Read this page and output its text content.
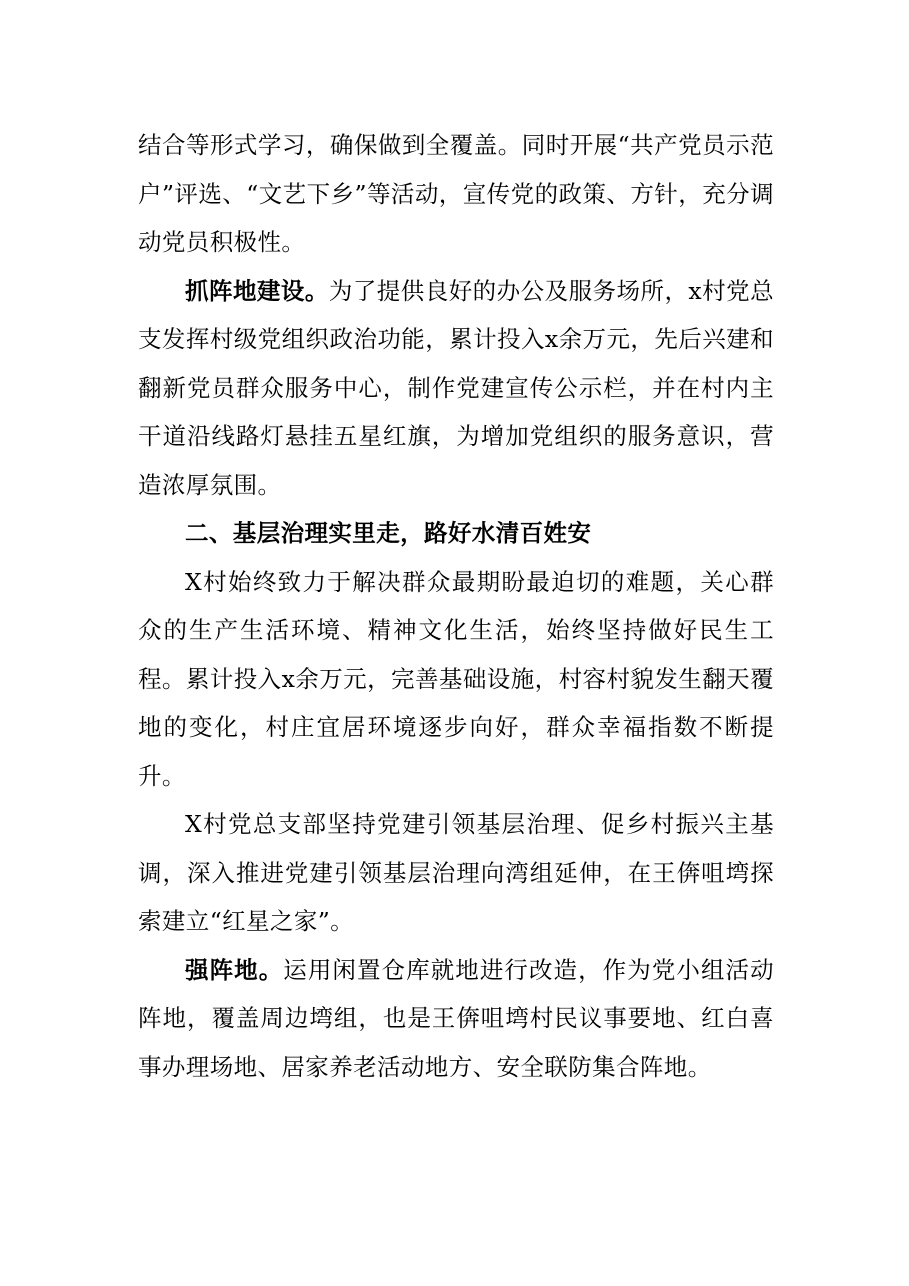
结合等形式学习，确保做到全覆盖。同时开展“共产党员示范户”评选、“文艺下乡”等活动，宣传党的政策、方针，充分调动党员积极性。

抓阵地建设。为了提供良好的办公及服务场所，x村党总支发挥村级党组织政治功能，累计投入x余万元，先后兴建和翻新党员群众服务中心，制作党建宣传公示栏，并在村内主干道沿线路灯悬挂五星红旗，为增加党组织的服务意识，营造浓厚氛围。

二、基层治理实里走，路好水清百姓安

X村始终致力于解决群众最期盼最迫切的难题，关心群众的生产生活环境、精神文化生活，始终坚持做好民生工程。累计投入x余万元，完善基础设施，村容村貌发生翻天覆地的变化，村庄宜居环境逐步向好，群众幸福指数不断提升。

X村党总支部坚持党建引领基层治理、促乡村振兴主基调，深入推进党建引领基层治理向湾组延伸，在王倴咀塆探索建立“红星之家”。

强阵地。运用闲置仓库就地进行改造，作为党小组活动阵地，覆盖周边塆组，也是王倴咀塆村民议事要地、红白喜事办理场地、居家养老活动地方、安全联防集合阵地。
